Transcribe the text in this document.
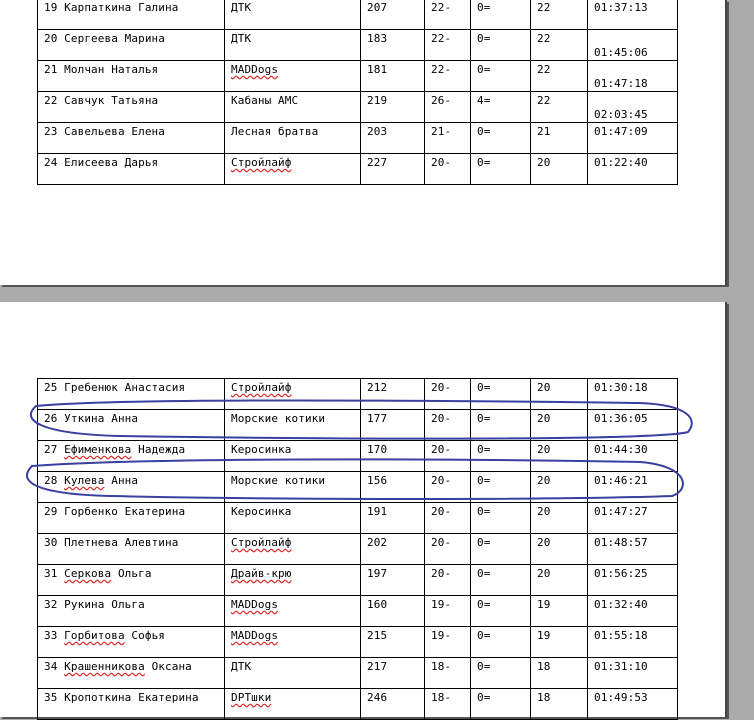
19 Карпаткина Галина	ДТК	207	22-	0=	22	01:37:13

20 Сергеева Марина	ДТК	183	22-	0=	22	01:45:06

21 Молчан Наталья	MADDogs	181	22-	0=	22	01:47:18

22 Савчук Татьяна	Кабаны АМС	219	26-	4=	22	02:03:45

23 Савельева Елена	Лесная братва	203	21-	0=	21	01:47:09

24 Елисеева Дарья	Стройлайф	227	20-	0=	20	01:22:40
25 Гребенюк Анастасия	Стройлайф	212	20-	0=	20	01:30:18

26 Уткина Анна	Морские котики	177	20-	0=	20	01:36:05

27 Ефименкова Надежда	Керосинка	170	20-	0=	20	01:44:30

28 Кулева Анна	Морские котики	156	20-	0=	20	01:46:21

29 Горбенко Екатерина	Керосинка	191	20-	0=	20	01:47:27

30 Плетнева Алевтина	Стройлайф	202	20-	0=	20	01:48:57

31 Серкова Ольга	Драйв-крю	197	20-	0=	20	01:56:25

32 Рукина Ольга	MADDogs	160	19-	0=	19	01:32:40

33 Горбитова Софья	MADDogs	215	19-	0=	19	01:55:18

34 Крашенникова Оксана	ДТК	217	18-	0=	18	01:31:10

35 Кропоткина Екатерина	DPТшки	246	18-	0=	18	01:49:53
